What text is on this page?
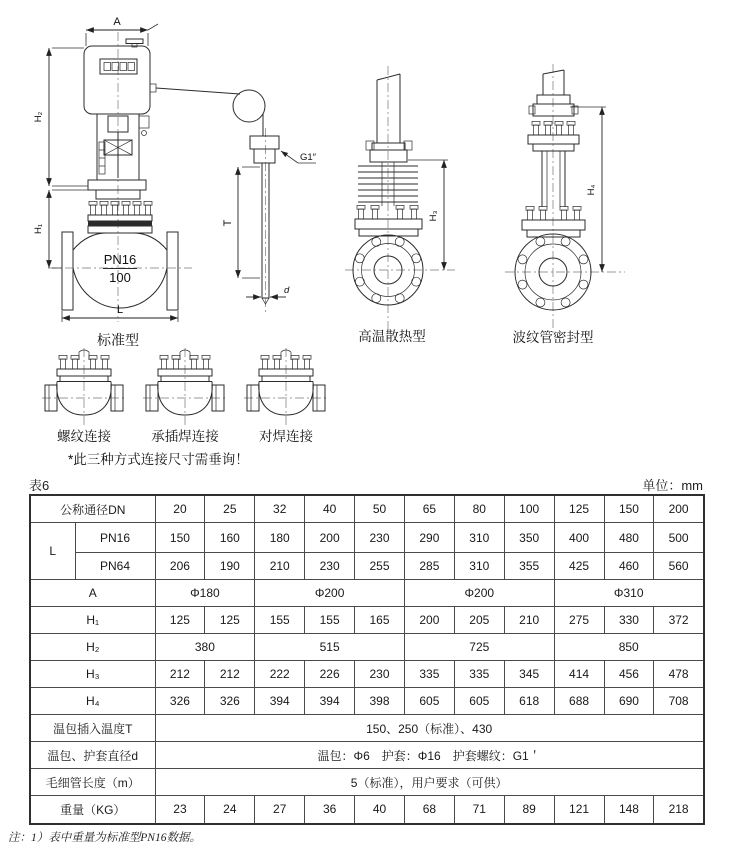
A
PN16
100
L
H₂
H₁
标准型
G1″
T
d
H₃
高温散热型
H₄
波纹管密封型
螺纹连接	承插焊连接	对焊连接
*此三种方式连接尺寸需垂询！
表6	单位：mm
公称通径DN		20	25	32	40	50	65	80	100	125	150	200
L	PN16	150	160	180	200	230	290	310	350	400	480	500
	PN64	206	190	210	230	255	285	310	355	425	460	560
A		Φ180		Φ200			Φ200			Φ310		
H₁		125	125	155	155	165	200	205	210	275	330	372
H₂		380		515			725			850		
H₃		212	212	222	226	230	335	335	345	414	456	478
H₄		326	326	394	394	398	605	605	618	688	690	708
温包插入温度T		150、250（标准）、430										
温包、护套直径d		温包：Φ6　护套：Φ16　护套螺纹：G1＇										
毛细管长度（m）		5（标准），用户要求（可供）										
重量（KG）		23	24	27	36	40	68	71	89	121	148	218
注：1）表中重量为标准型PN16数据。
